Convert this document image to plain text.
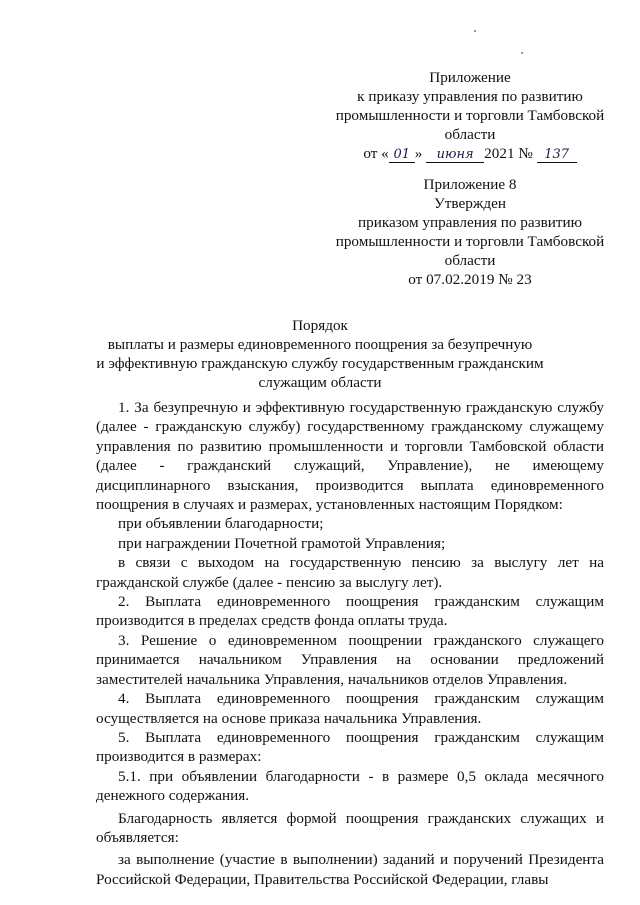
Приложение
к приказу управления по развитию
промышленности и торговли Тамбовской
области
от « 01 » июня 2021 № 137
Приложение 8
Утвержден
приказом управления по развитию
промышленности и торговли Тамбовской
области
от 07.02.2019 № 23
Порядок
выплаты и размеры единовременного поощрения за безупречную
и эффективную гражданскую службу государственным гражданским
служащим области

1. За безупречную и эффективную государственную гражданскую службу (далее - гражданскую службу) государственному гражданскому служащему управления по развитию промышленности и торговли Тамбовской области (далее - гражданский служащий, Управление), не имеющему дисциплинарного взыскания, производится выплата единовременного поощрения в случаях и размерах, установленных настоящим Порядком:

при объявлении благодарности;

при награждении Почетной грамотой Управления;

в связи с выходом на государственную пенсию за выслугу лет на гражданской службе (далее - пенсию за выслугу лет).

2. Выплата единовременного поощрения гражданским служащим производится в пределах средств фонда оплаты труда.

3. Решение о единовременном поощрении гражданского служащего принимается начальником Управления на основании предложений заместителей начальника Управления, начальников отделов Управления.

4. Выплата единовременного поощрения гражданским служащим осуществляется на основе приказа начальника Управления.

5. Выплата единовременного поощрения гражданским служащим производится в размерах:

5.1. при объявлении благодарности - в размере 0,5 оклада месячного денежного содержания.

Благодарность является формой поощрения гражданских служащих и объявляется:

за выполнение (участие в выполнении) заданий и поручений Президента Российской Федерации, Правительства Российской Федерации, главы
